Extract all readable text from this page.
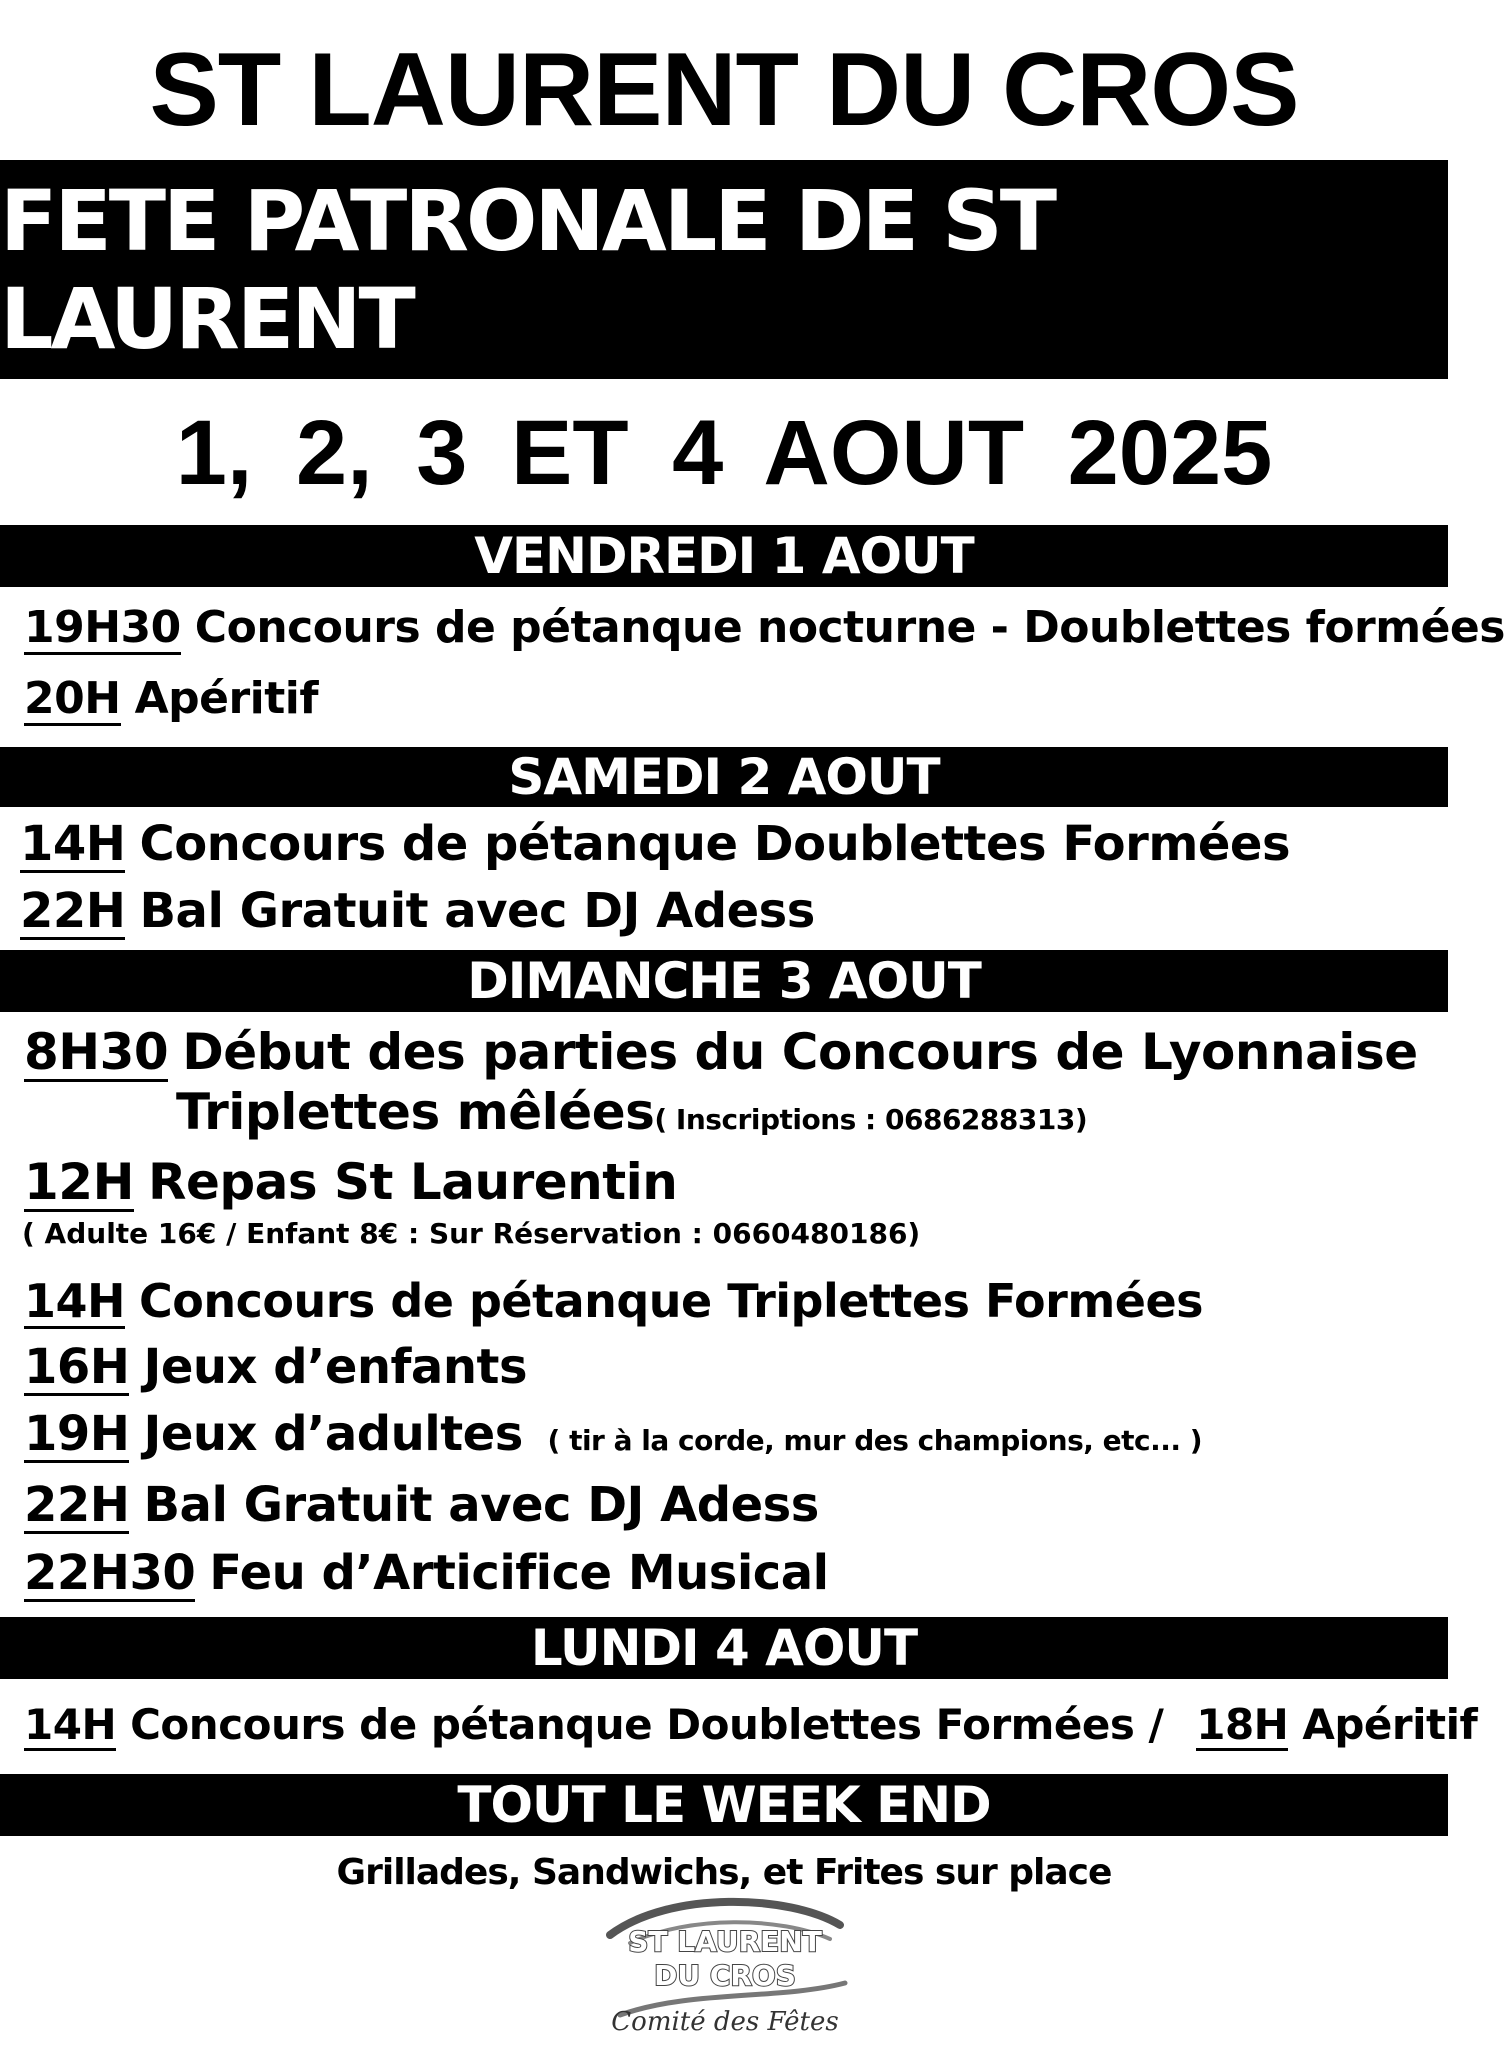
ST LAURENT DU CROS
FETE PATRONALE DE ST LAURENT
1, 2, 3 ET 4 AOUT 2025
VENDREDI 1 AOUT
19H30 Concours de pétanque nocturne - Doublettes formées
20H Apéritif
SAMEDI 2 AOUT
14H Concours de pétanque Doublettes Formées
22H Bal Gratuit avec DJ Adess
DIMANCHE 3 AOUT
8H30 Début des parties du Concours de Lyonnaise
Triplettes mêlées( Inscriptions : 0686288313)
12H Repas St Laurentin
( Adulte 16€ / Enfant 8€ : Sur Réservation : 0660480186)
14H Concours de pétanque Triplettes Formées
16H Jeux d’enfants
19H Jeux d’adultes ( tir à la corde, mur des champions, etc... )
22H Bal Gratuit avec DJ Adess
22H30 Feu d’Articifice Musical
LUNDI 4 AOUT
14H Concours de pétanque Doublettes Formées / 18H Apéritif
TOUT LE WEEK END
Grillades, Sandwichs, et Frites sur place
ST LAURENT
DU CROS
Comité des Fêtes
